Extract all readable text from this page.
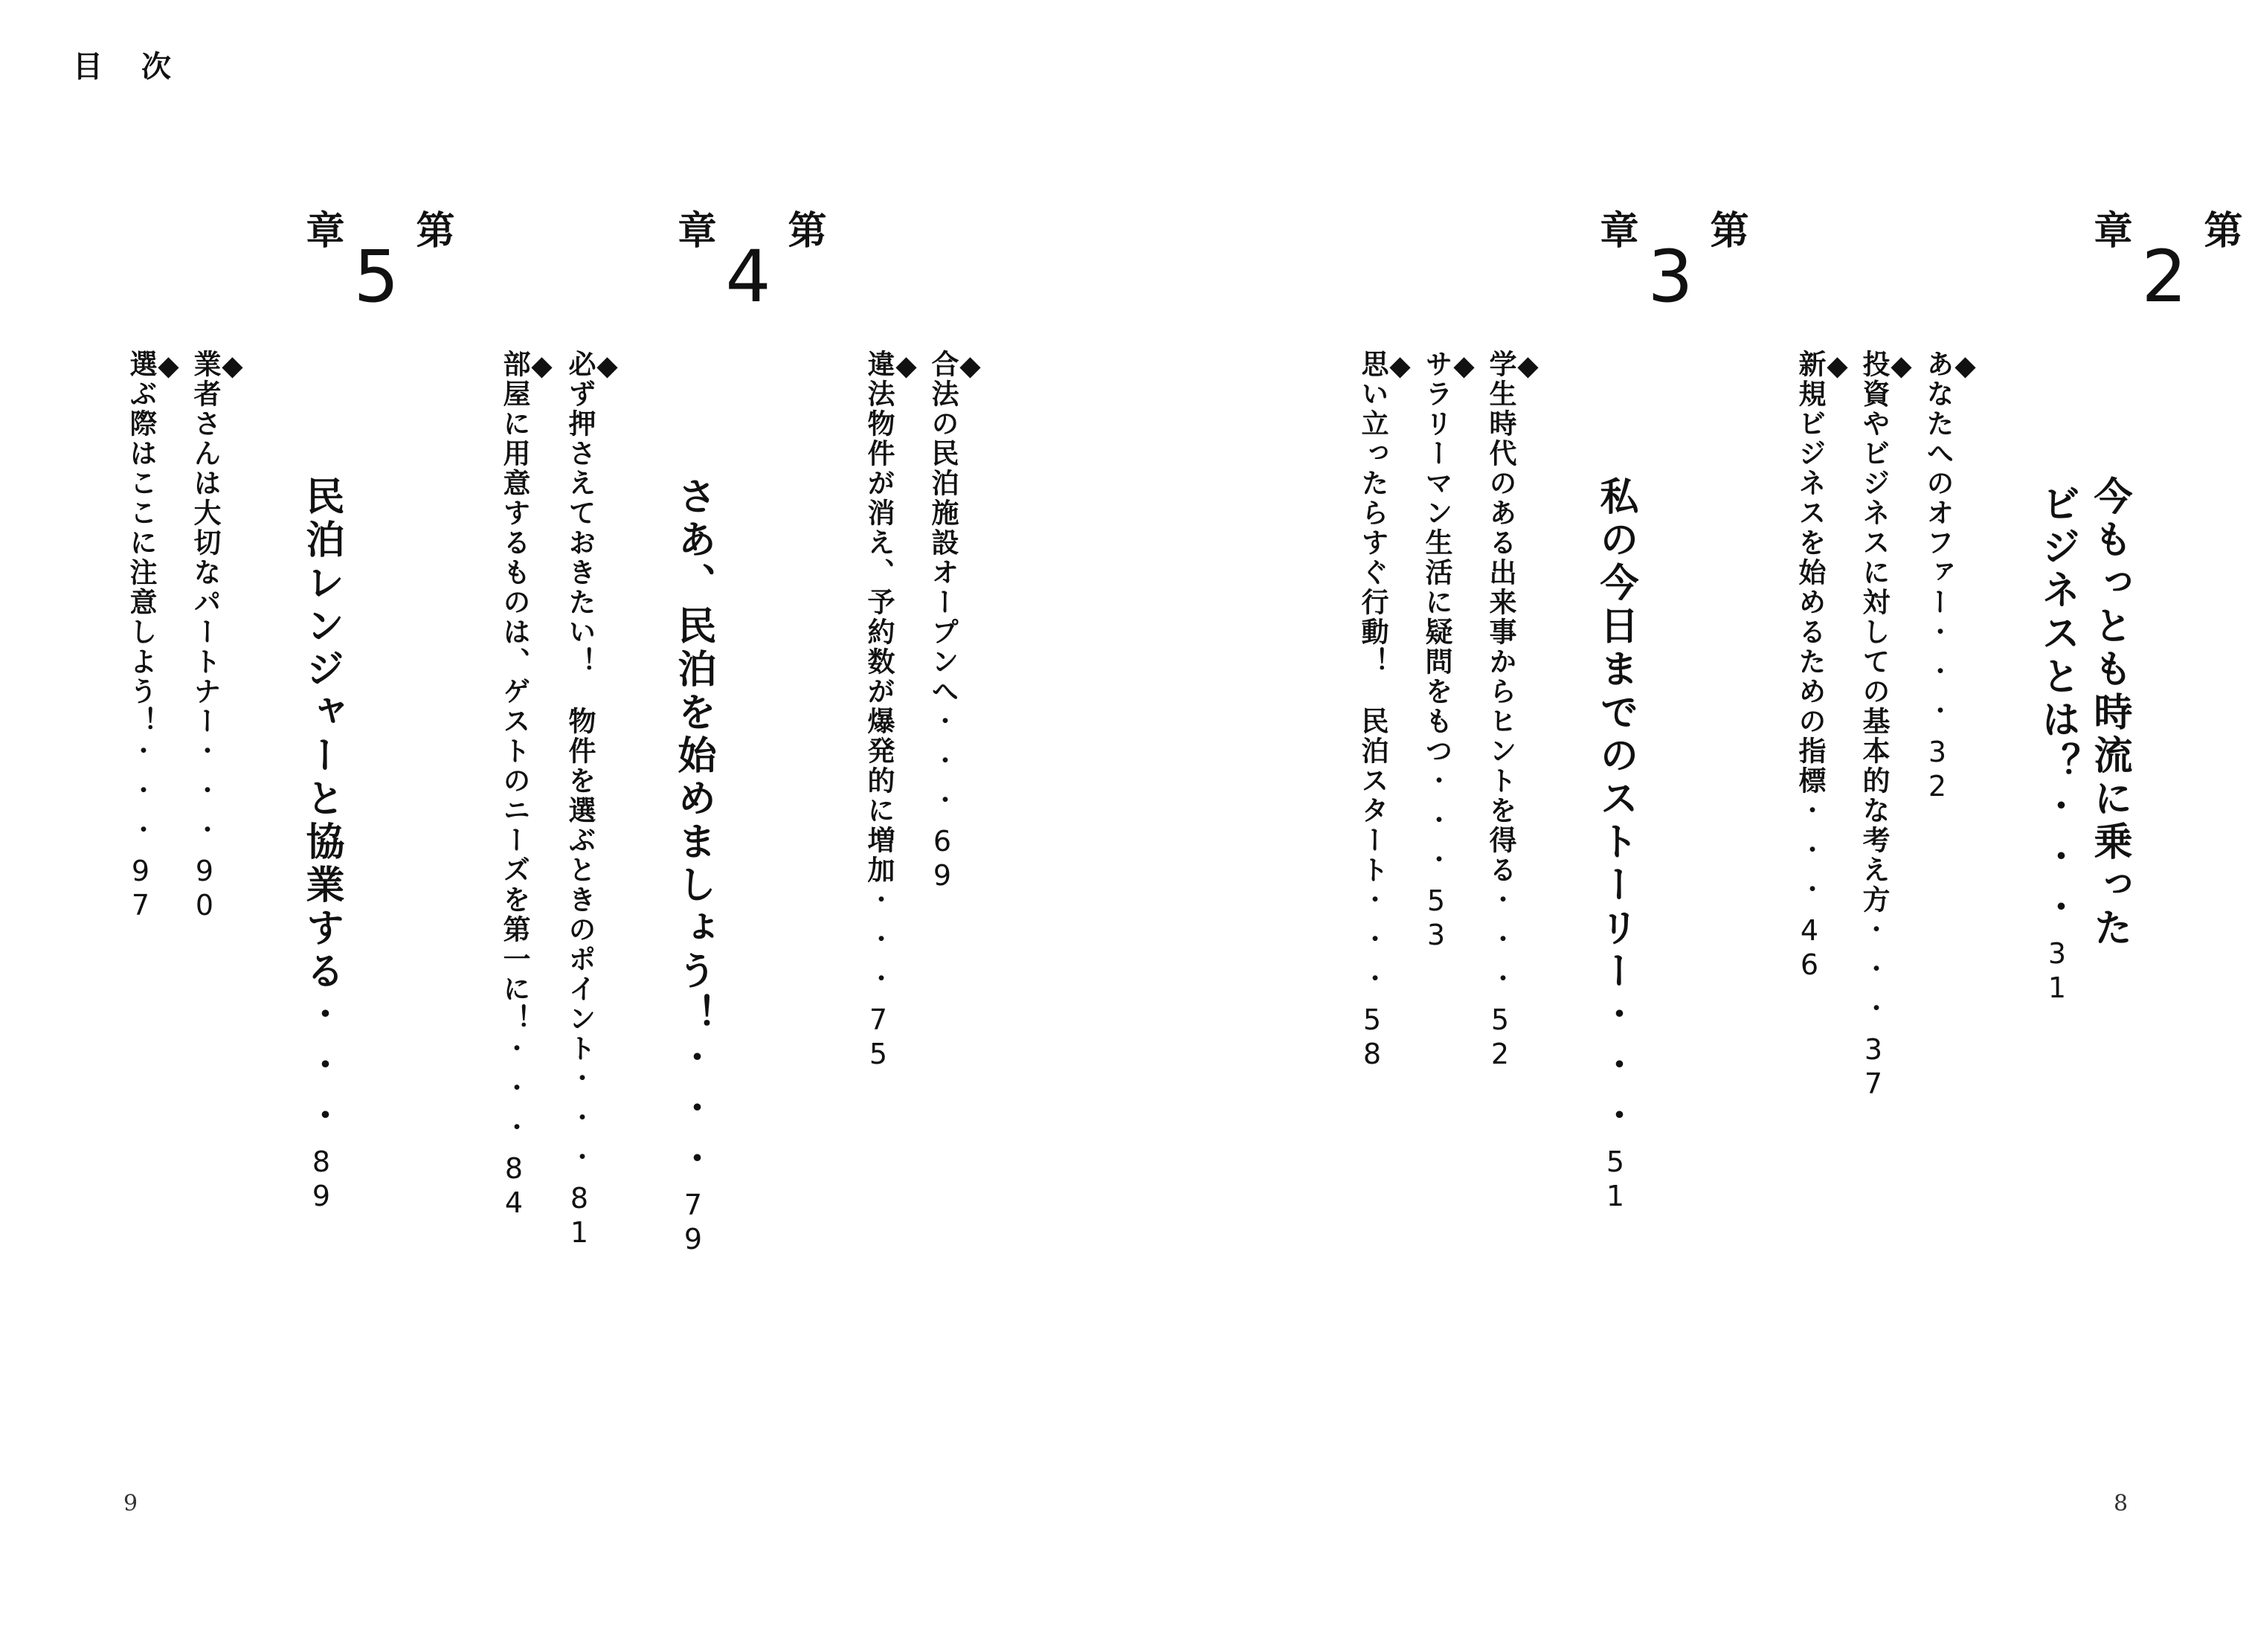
目 次
第
2
章
今もっとも時流に乗った
ビジネスとは？・・・31
◆
あなたへのオファー・・・32
◆
投資やビジネスに対しての基本的な考え方・・・37
◆
新規ビジネスを始めるための指標・・・46
第
3
章
私の今日までのストーリー・・・51
◆
学生時代のある出来事からヒントを得る・・・52
◆
サラリーマン生活に疑問をもつ・・・53
◆
思い立ったらすぐ行動！　民泊スタート・・・58
第
4
章
さあ、民泊を始めましょう！・・・79
◆
合法の民泊施設オープンへ・・・69
◆
違法物件が消え、予約数が爆発的に増加・・・75
◆
必ず押さえておきたい！　物件を選ぶときのポイント・・・81
◆
部屋に用意するものは、ゲストのニーズを第一に！・・・84
第
5
章
民泊レンジャーと協業する・・・89
◆
業者さんは大切なパートナー・・・90
◆
選ぶ際はここに注意しよう！・・・97
9	8
